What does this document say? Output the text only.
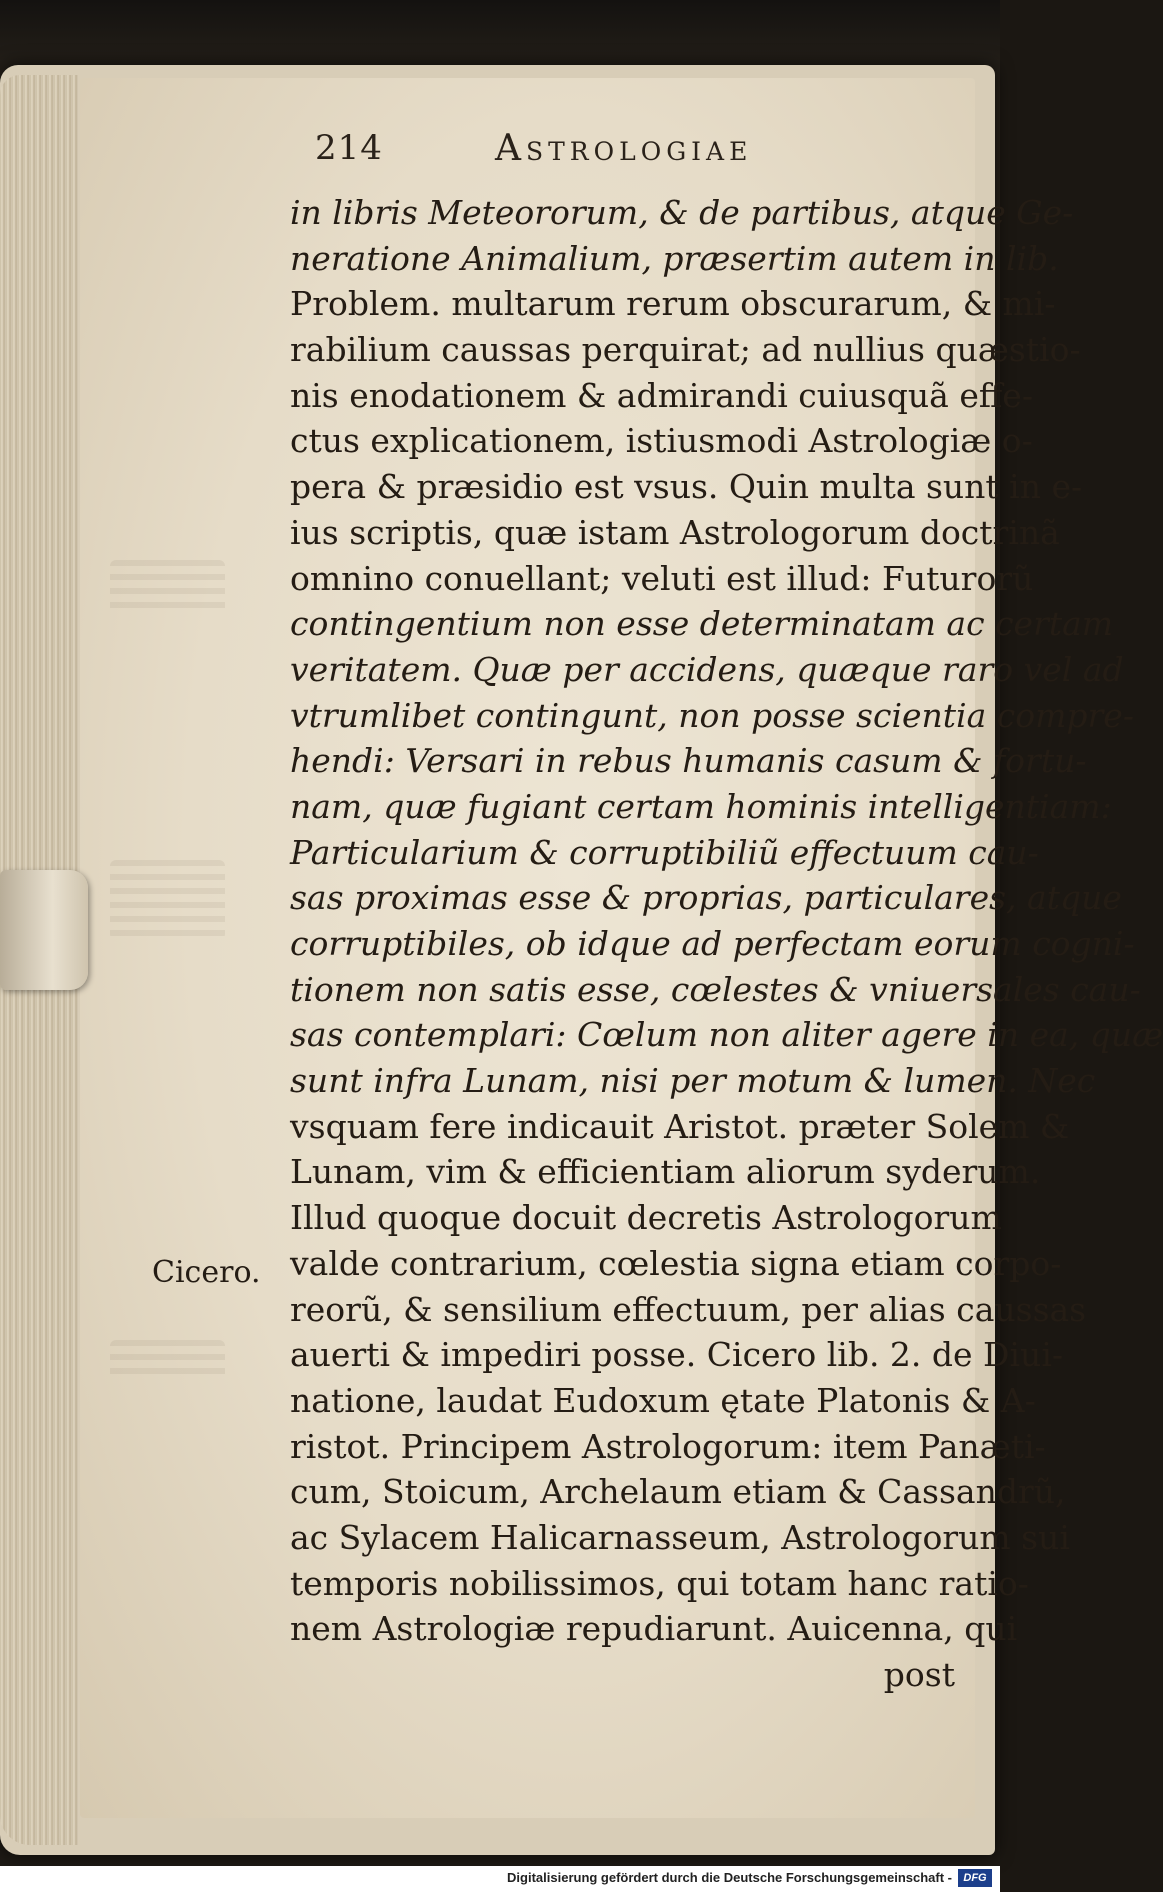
214	Astrologiae
Cicero.
in libris Meteororum, & de partibus, atque Ge-
neratione Animalium, præsertim autem in lib.
Problem. multarum rerum obscurarum, & mi-
rabilium caussas perquirat; ad nullius quæstio-
nis enodationem & admirandi cuiusquã effe-
ctus explicationem, istiusmodi Astrologiæ o-
pera & præsidio est vsus. Quin multa sunt in e-
ius scriptis, quæ istam Astrologorum doctrinã
omnino conuellant; veluti est illud: Futurorũ
contingentium non esse determinatam ac certam
veritatem. Quæ per accidens, quæque raro vel ad
vtrumlibet contingunt, non posse scientia compre-
hendi: Versari in rebus humanis casum & fortu-
nam, quæ fugiant certam hominis intelligentiam:
Particularium & corruptibiliũ effectuum cau-
sas proximas esse & proprias, particulares, atque
corruptibiles, ob idque ad perfectam eorum cogni-
tionem non satis esse, cœlestes & vniuersales cau-
sas contemplari: Cœlum non aliter agere in ea, quæ
sunt infra Lunam, nisi per motum & lumen. Nec
vsquam fere indicauit Aristot. præter Solem &
Lunam, vim & efficientiam aliorum syderum.
Illud quoque docuit decretis Astrologorum
valde contrarium, cœlestia signa etiam corpo-
reorũ, & sensilium effectuum, per alias caussas
auerti & impediri posse. Cicero lib. 2. de Diui-
natione, laudat Eudoxum ętate Platonis & A-
ristot. Principem Astrologorum: item Panæti-
cum, Stoicum, Archelaum etiam & Cassandrũ,
ac Sylacem Halicarnasseum, Astrologorum sui
temporis nobilissimos, qui totam hanc ratio-
nem Astrologiæ repudiarunt. Auicenna, qui
post
Digitalisierung gefördert durch die Deutsche Forschungsgemeinschaft -	DFG
